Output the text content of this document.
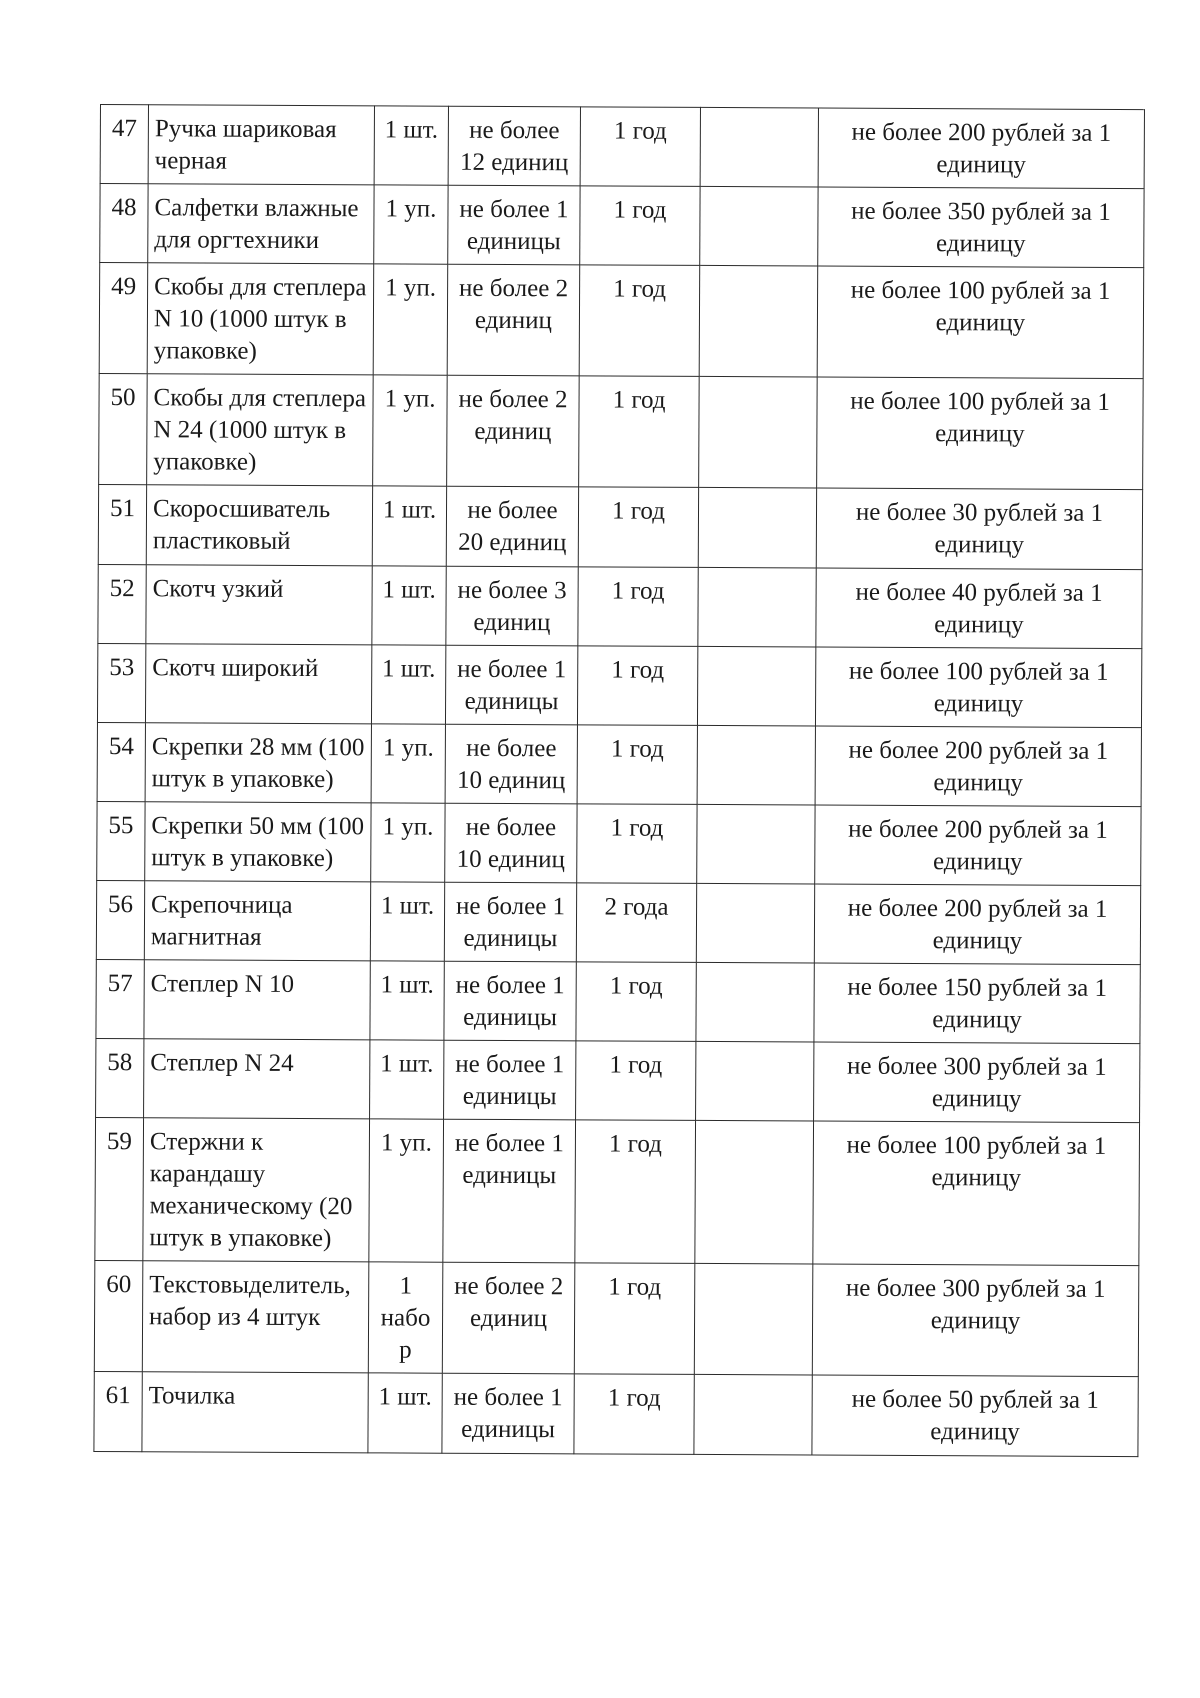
47	Ручка шариковая черная	1 шт.	не более 12 единиц	1 год		не более 200 рублей за 1 единицу

48	Салфетки влажные для оргтехники	1 уп.	не более 1 единицы	1 год		не более 350 рублей за 1 единицу

49	Скобы для степлера N 10 (1000 штук в упаковке)	1 уп.	не более 2 единиц	1 год		не более 100 рублей за 1 единицу

50	Скобы для степлера N 24 (1000 штук в упаковке)	1 уп.	не более 2 единиц	1 год		не более 100 рублей за 1 единицу

51	Скоросшиватель пластиковый	1 шт.	не более 20 единиц	1 год		не более 30 рублей за 1 единицу

52	Скотч узкий	1 шт.	не более 3 единиц	1 год		не более 40 рублей за 1 единицу

53	Скотч широкий	1 шт.	не более 1 единицы	1 год		не более 100 рублей за 1 единицу

54	Скрепки 28 мм (100 штук в упаковке)	1 уп.	не более 10 единиц	1 год		не более 200 рублей за 1 единицу

55	Скрепки 50 мм (100 штук в упаковке)	1 уп.	не более 10 единиц	1 год		не более 200 рублей за 1 единицу

56	Скрепочница магнитная	1 шт.	не более 1 единицы	2 года		не более 200 рублей за 1 единицу

57	Степлер N 10	1 шт.	не более 1 единицы	1 год		не более 150 рублей за 1 единицу

58	Степлер N 24	1 шт.	не более 1 единицы	1 год		не более 300 рублей за 1 единицу

59	Стержни к карандашу механическому (20 штук в упаковке)	1 уп.	не более 1 единицы	1 год		не более 100 рублей за 1 единицу

60	Текстовыделитель, набор из 4 штук	1 набо р	не более 2 единиц	1 год		не более 300 рублей за 1 единицу

61	Точилка	1 шт.	не более 1 единицы	1 год		не более 50 рублей за 1 единицу
